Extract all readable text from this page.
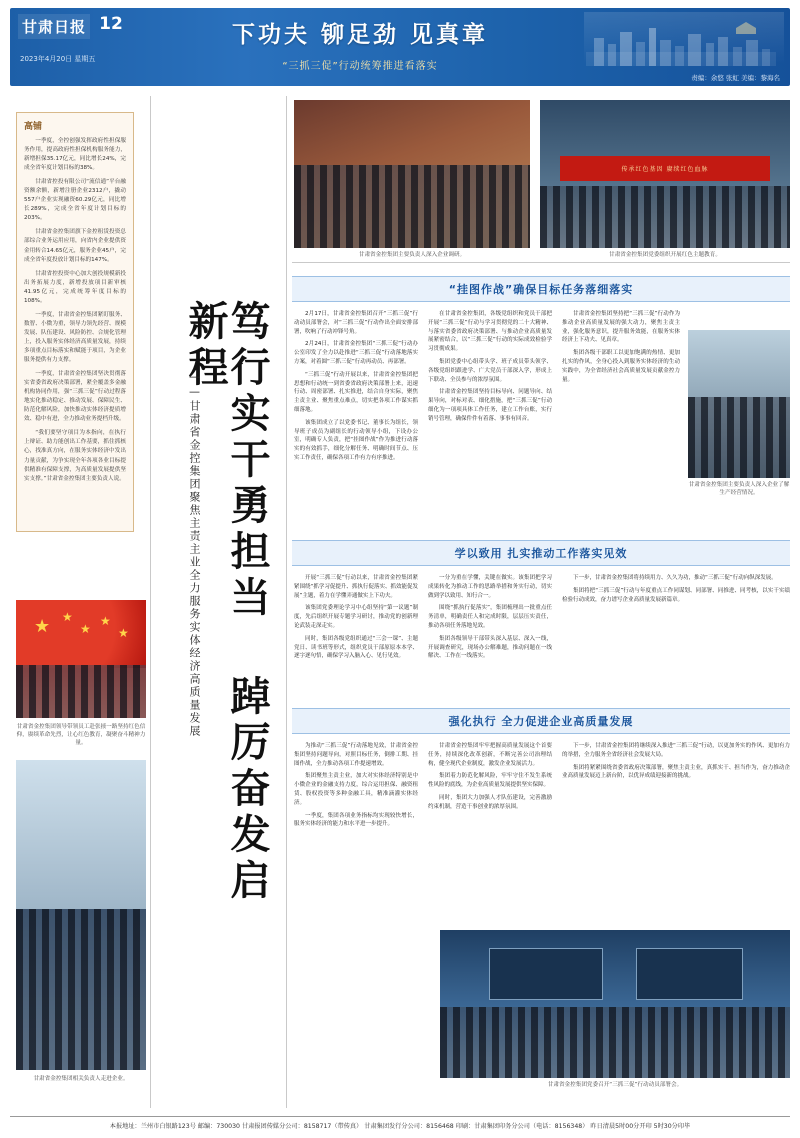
甘肃日报 12
2023年4月20日 星期五
下功夫 铆足劲 见真章
“三抓三促”行动统筹推进看落实
责编：余悠 张虹 美编：黎海名
高铺

一季度，全控创强发挥政府性担保服务作用，提高政府性担保机构服务能力，新增担保35.17亿元，同比增长24%，完成全省年度计划目标的38%。

甘肃省控投有限公司“流信通”平台融资额余额，新增注册企业2312户，撬动557户企业实现融资60.29亿元，同比增长289%，完成全省年度计划目标的203%。

甘肃省金控集团旗下金控租赁投资总部综合业务运用应用，向省内企业提供资金用转合14.65亿元，服务企业45户，完成全省年度投放计划目标的147%。

甘肃省控投资中心加大创投规模新投出务拓展力度，新增投放项目新审核41.95亿元，完成统筹年度目标的108%。

一季度，甘肃省金控集团紧盯服务、数智、小微为重，领导力领先经营、规模发展、队伍建设、风险防控、合规化管理上，投入服务实体经济高质量发展，持续多项重点目标落实和赋能于项目，为企业服务提供有力支撑。

一季度，甘肃省金控集团坚决贯彻落实省委省政府决策部署，紧全覆盖多金融机构协同作用，强“三抓三促”行动过程落地实化推动稳定、推动发展、保障民生、防范化解风险，加快推动实体经济提质增效、稳中有进，全力推动业务提档升级。

“我们要坚守项目为本指向，在执行上辩证、助力能创出工作基要，抓住抓核心，找准真方向，在服务实体经济中发出力量贡献，为争实现全年各项各业目标提供精准有保障支撑，为高质量发展提供坚实支撑。”甘肃省金控集团主要负责人说。	笃行实干勇担当 踔厉奋发启新程
——甘肃省金控集团聚焦主责主业全力服务实体经济高质量发展
甘肃省金控集团主要负责人深入企业调研。
传承红色基因 赓续红色血脉
甘肃省金控集团党委组织开展红色主题教育。
甘肃省金控集团主要负责人深入企业了解生产经营情况。
★ ★
★
★
★
甘肃省金控集团领导带领员工赴张掖一路坚持红色信仰，赓续革命先烈，让心红色教育，凝聚奋斗精神力量。
甘肃省金控集团相关负责人走进企业。
甘肃省金控集团党委召开“三抓三促”行动动员部署会。
“挂图作战”确保目标任务落细落实

2月17日，甘肃省金控集团召开“三抓三促”行动动员部署会，对“三抓三促”行动作出全面安排部署，吹响了行动冲锋号角。

2月24日，甘肃省金控集团“三抓三促”行动办公室印发了全力以赴推进“三抓三促”行动落地落实方案，对着圆“三抓三促”行动再动员、再部署。

“三抓三促”行动开展以来，甘肃省金控集团把思想和行动统一到省委省政府决策部署上来，迅速行动、周密部署、扎实推进，结合自身实际，聚焦主责主业、聚焦重点难点，切实把各项工作谋实抓细落地。

该集团成立了以党委书记、董事长为组长，领导班子成员为副组长的行动领导小组，下设办公室，明确专人负责，把“挂图作战”作为推进行动落实的有效抓手，细化分解任务、明确时间节点、压实工作责任，确保各项工作有力有序推进。

在甘肃省金控集团，各级党组织和党员干部把开展“三抓三促”行动与学习贯彻党的二十大精神、与落实省委省政府决策部署、与推动企业高质量发展紧密结合，以“三抓三促”行动的实际成效检验学习贯彻成果。

集团党委中心组带头学、班子成员带头领学、各级党组织跟进学、广大党员干部深入学，形成上下联动、全员参与的浓厚氛围。

甘肃省金控集团坚持目标导向、问题导向、结果导向，对标对表、细化措施，把“三抓三促”行动细化为一项项具体工作任务，建立工作台账，实行销号管理，确保件件有着落、事事有回音。

甘肃省金控集团坚持把“三抓三促”行动作为推动企业高质量发展的强大动力，聚焦主责主业，强化服务意识，提升服务效能，在服务实体经济上下功夫、见真章。

集团各级干部职工以更加饱满的热情、更加扎实的作风，全身心投入到服务实体经济的生动实践中，为全省经济社会高质量发展贡献金控力量。

学以致用 扎实推动工作落实见效

开展“三抓三促”行动以来，甘肃省金控集团紧紧围绕“抓学习促提升、抓执行促落实、抓效能促发展”主题，着力在学懂弄通做实上下功夫。

该集团党委理论学习中心组坚持“第一议题”制度，先后组织开展专题学习研讨，推动党的创新理论武装走深走实。

同时，集团各级党组织通过“三会一课”、主题党日、读书班等形式，组织党员干部原原本本学、逐字逐句悟，确保学习入脑入心、见行见效。

一分为重在学懂，关键在做实。该集团把学习成果转化为推动工作的思路举措和务实行动，切实做到学以致用、知行合一。

围绕“抓执行促落实”，集团梳理出一批重点任务清单，明确责任人和完成时限，层层压实责任，推动各项任务落地见效。

集团各级领导干部带头深入基层、深入一线，开展调查研究，现场办公解难题，推动问题在一线解决、工作在一线落实。

下一步，甘肃省金控集团将持续用力、久久为功，推动“三抓三促”行动向纵深发展。

集团将把“三抓三促”行动与年度重点工作同谋划、同部署、同推进、同考核，以实干实绩检验行动成效，奋力谱写企业高质量发展新篇章。

强化执行 全力促进企业高质量发展

为推动“三抓三促”行动落地见效，甘肃省金控集团坚持问题导向，对照目标任务，倒排工期、挂图作战，全力推动各项工作提速增效。

集团聚焦主责主业，加大对实体经济特别是中小微企业的金融支持力度，综合运用担保、融资租赁、股权投资等多种金融工具，精准滴灌实体经济。

一季度，集团各项业务指标均实现较快增长，服务实体经济的能力和水平进一步提升。

甘肃省金控集团牢牢把握高质量发展这个首要任务，持续深化改革创新，不断完善公司治理结构，健全现代企业制度，激发企业发展活力。

集团着力防范化解风险，牢牢守住不发生系统性风险的底线，为企业高质量发展提供坚实保障。

同时，集团大力加强人才队伍建设，完善激励约束机制，营造干事创业的浓厚氛围。

下一步，甘肃省金控集团将继续深入推进“三抓三促”行动，以更加务实的作风、更加有力的举措，全力服务全省经济社会发展大局。

集团将紧紧围绕省委省政府决策部署，聚焦主责主业，真抓实干、担当作为，奋力推动企业高质量发展迈上新台阶，以优异成绩迎接新的挑战。

本报地址：兰州市白银路123号 邮编：730030 甘肃报团传媒分公司：8158717（带传真） 甘肃集团发行分公司：8156468 印刷：甘肃集团印务分公司（电话：8156348） 昨日清晨5时00分开印 5时30分印毕
